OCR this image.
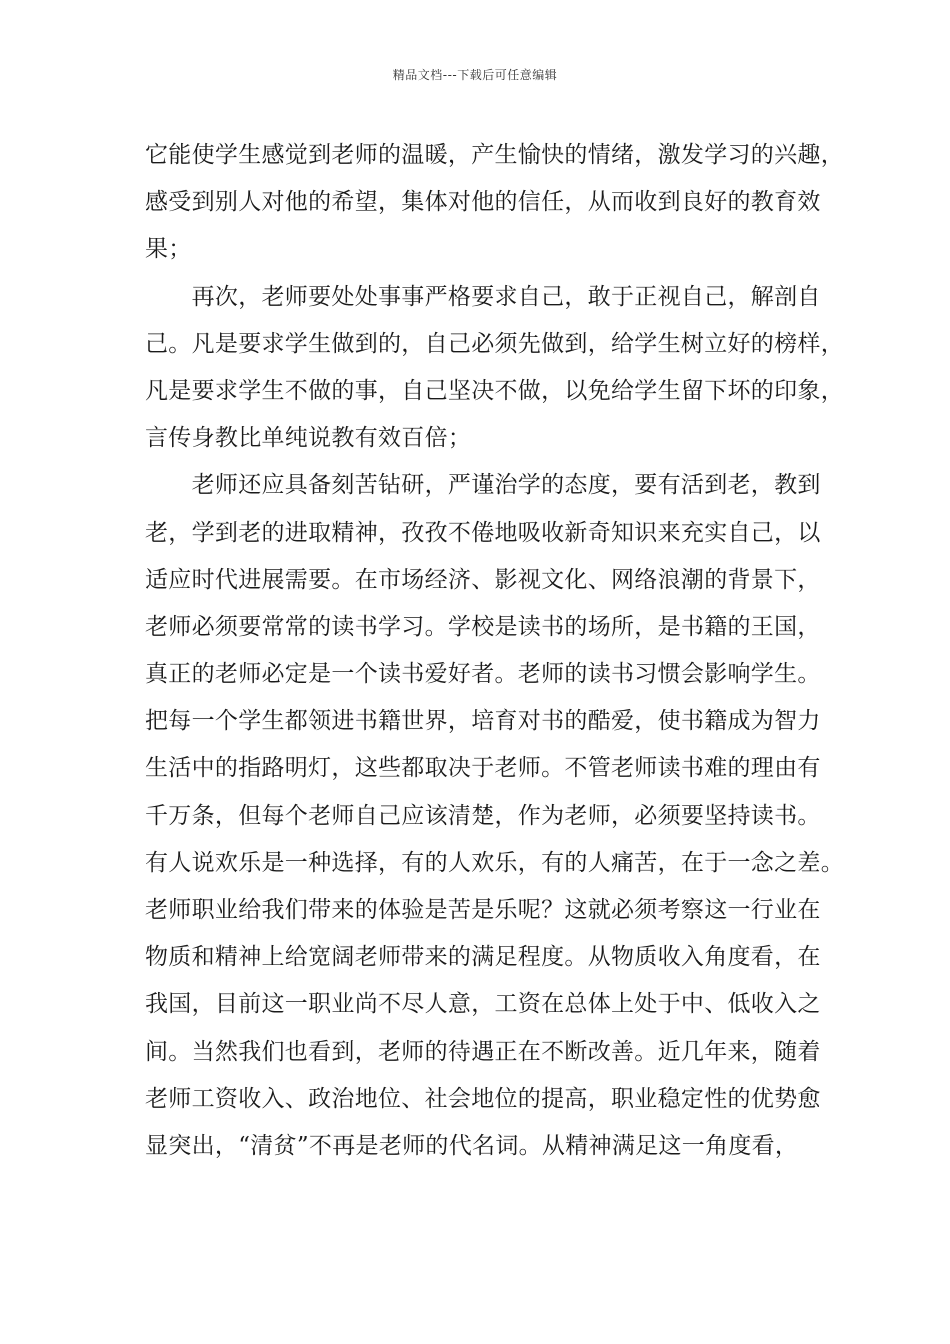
精品文档---下载后可任意编辑
它能使学生感觉到老师的温暖，产生愉快的情绪，激发学习的兴趣，
感受到别人对他的希望，集体对他的信任，从而收到良好的教育效
果；
　　再次，老师要处处事事严格要求自己，敢于正视自己，解剖自
己。凡是要求学生做到的，自己必须先做到，给学生树立好的榜样，
凡是要求学生不做的事，自己坚决不做，以免给学生留下坏的印象，
言传身教比单纯说教有效百倍；
　　老师还应具备刻苦钻研，严谨治学的态度，要有活到老，教到
老，学到老的进取精神，孜孜不倦地吸收新奇知识来充实自己，以
适应时代进展需要。在市场经济、影视文化、网络浪潮的背景下，
老师必须要常常的读书学习。学校是读书的场所，是书籍的王国，
真正的老师必定是一个读书爱好者。老师的读书习惯会影响学生。
把每一个学生都领进书籍世界，培育对书的酷爱，使书籍成为智力
生活中的指路明灯，这些都取决于老师。不管老师读书难的理由有
千万条，但每个老师自己应该清楚，作为老师，必须要坚持读书。
有人说欢乐是一种选择，有的人欢乐，有的人痛苦，在于一念之差。
老师职业给我们带来的体验是苦是乐呢？这就必须考察这一行业在
物质和精神上给宽阔老师带来的满足程度。从物质收入角度看，在
我国，目前这一职业尚不尽人意，工资在总体上处于中、低收入之
间。当然我们也看到，老师的待遇正在不断改善。近几年来，随着
老师工资收入、政治地位、社会地位的提高，职业稳定性的优势愈
显突出，“清贫”不再是老师的代名词。从精神满足这一角度看，
